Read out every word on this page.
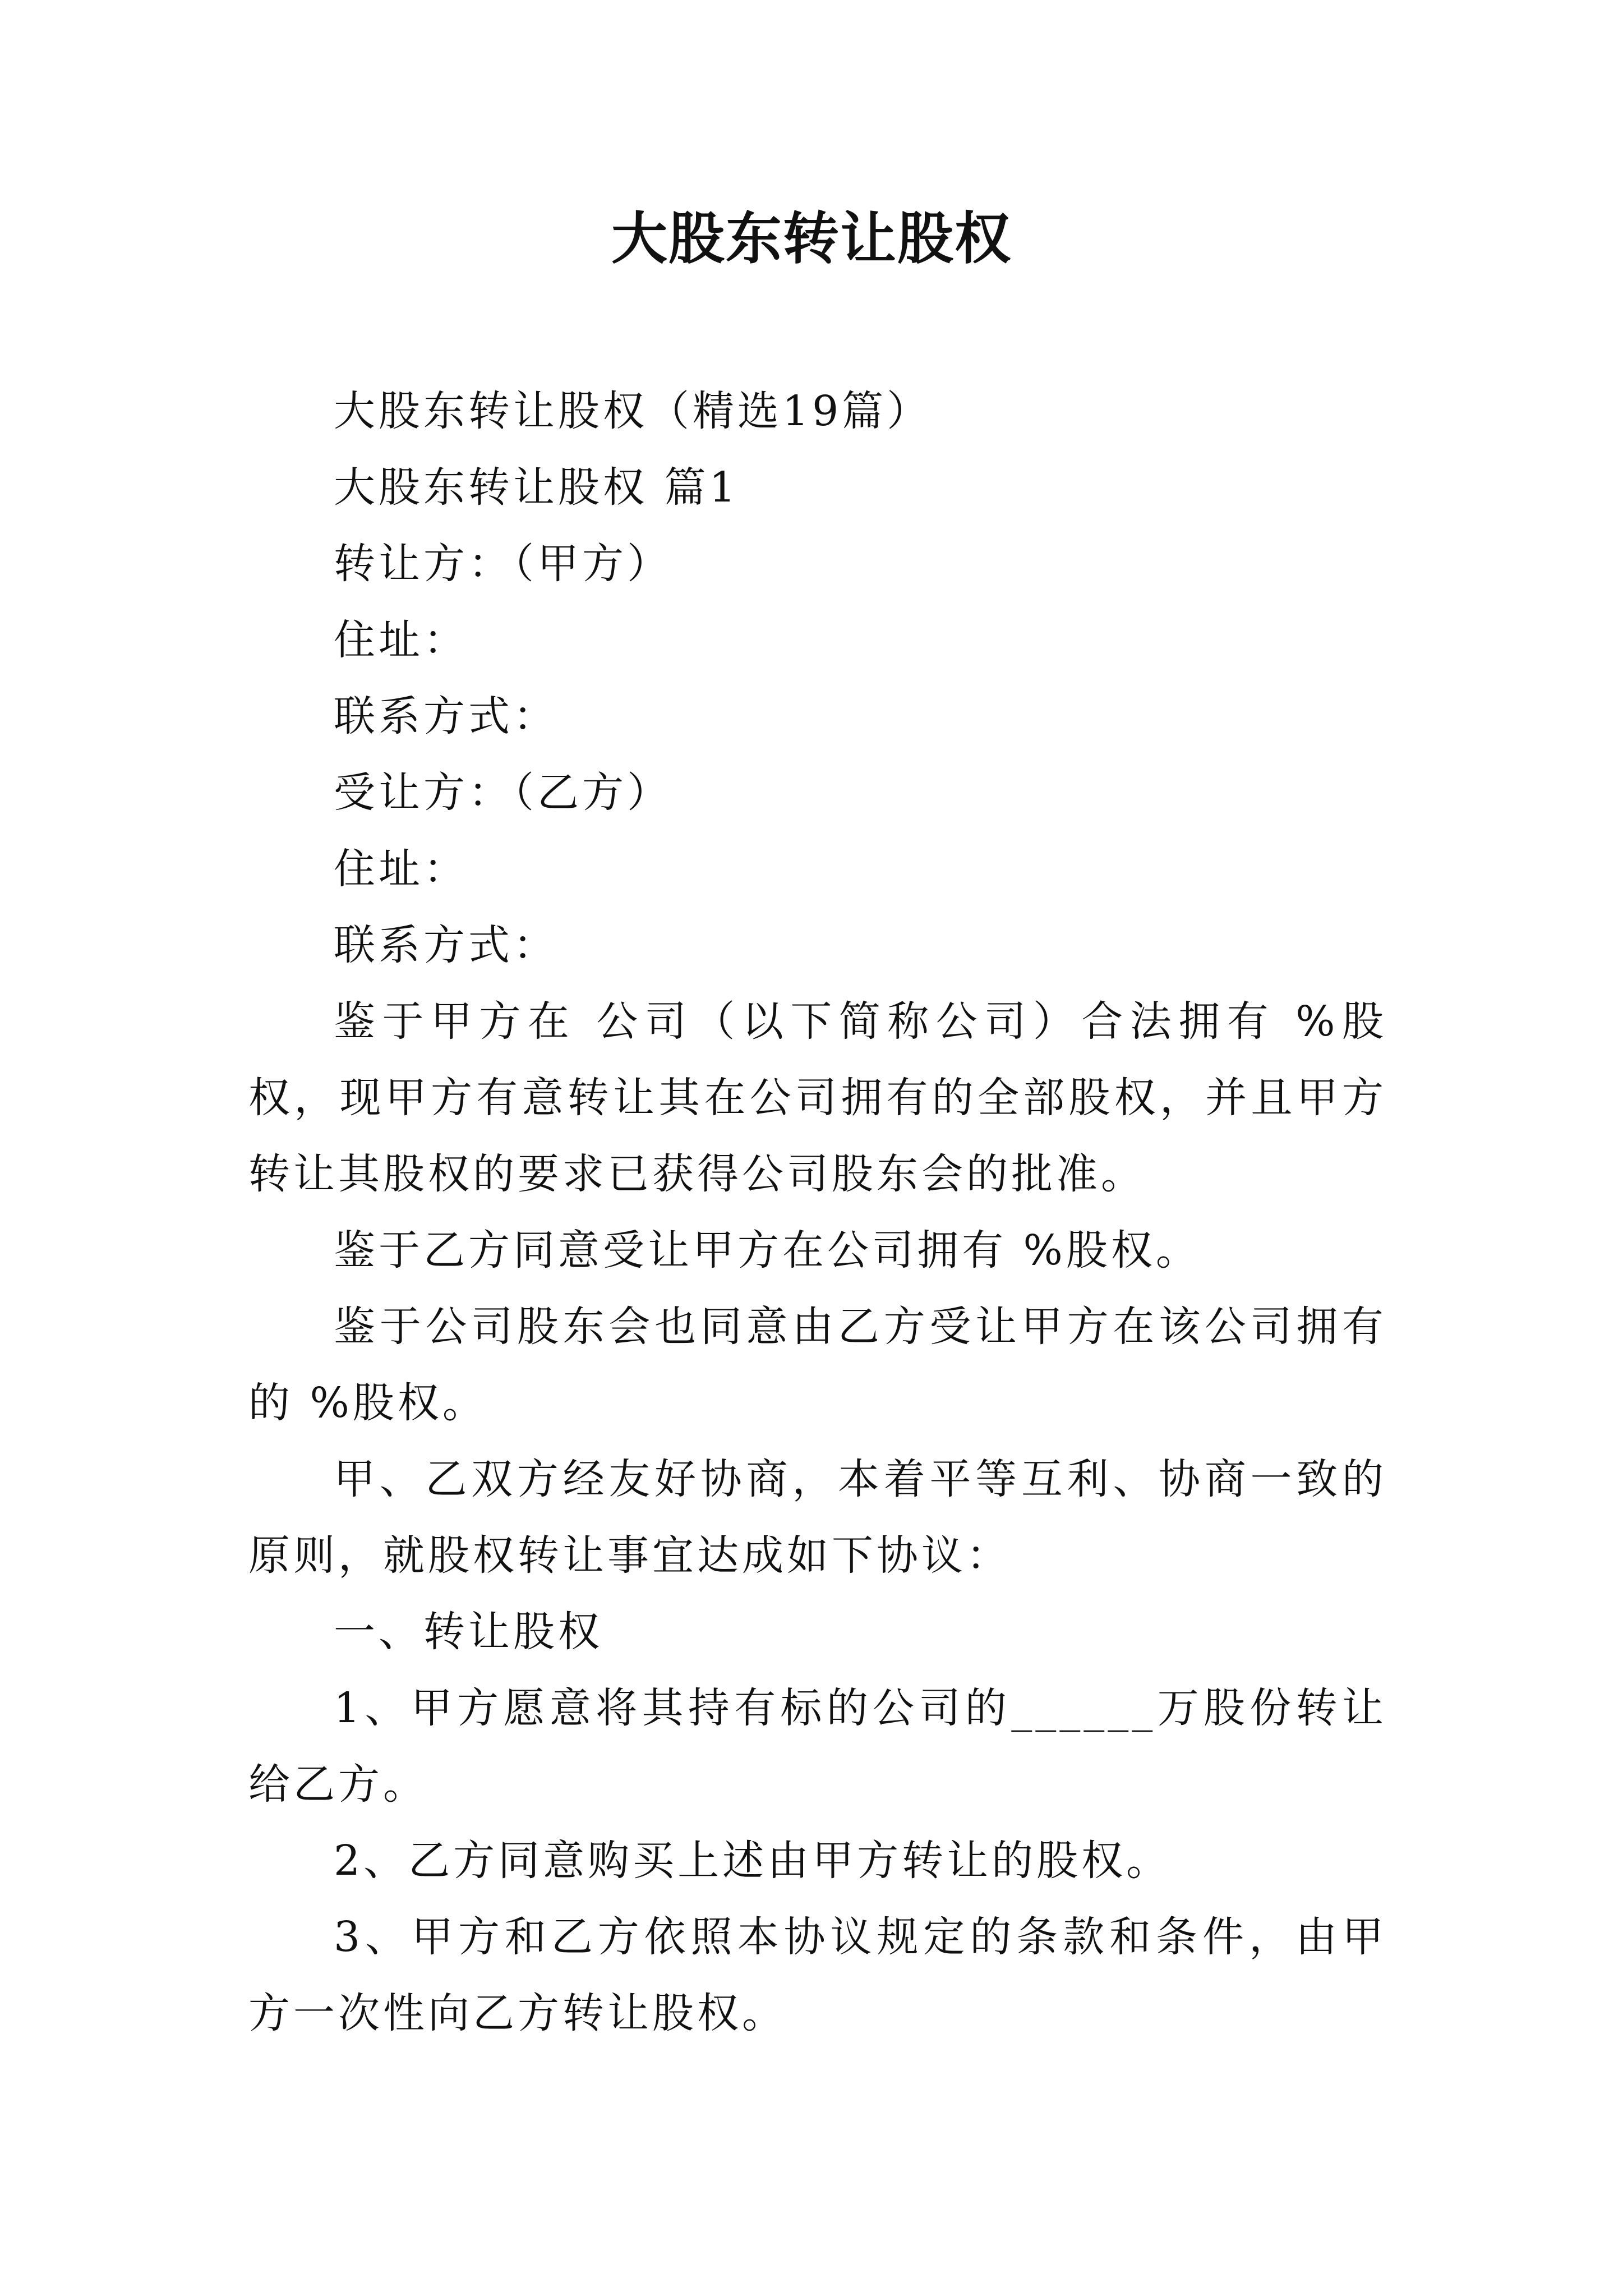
大股东转让股权

大股东转让股权（精选19篇）

大股东转让股权 篇1

转让方：（甲方）

住址：

联系方式：

受让方：（乙方）

住址：

联系方式：

鉴于甲方在 公司（以下简称公司）合法拥有 %股权，现甲方有意转让其在公司拥有的全部股权，并且甲方转让其股权的要求已获得公司股东会的批准。

鉴于乙方同意受让甲方在公司拥有 %股权。

鉴于公司股东会也同意由乙方受让甲方在该公司拥有的 %股权。

甲、乙双方经友好协商，本着平等互利、协商一致的原则，就股权转让事宜达成如下协议：

一、转让股权

1、甲方愿意将其持有标的公司的______万股份转让给乙方。

2、乙方同意购买上述由甲方转让的股权。

3、甲方和乙方依照本协议规定的条款和条件，由甲方一次性向乙方转让股权。
